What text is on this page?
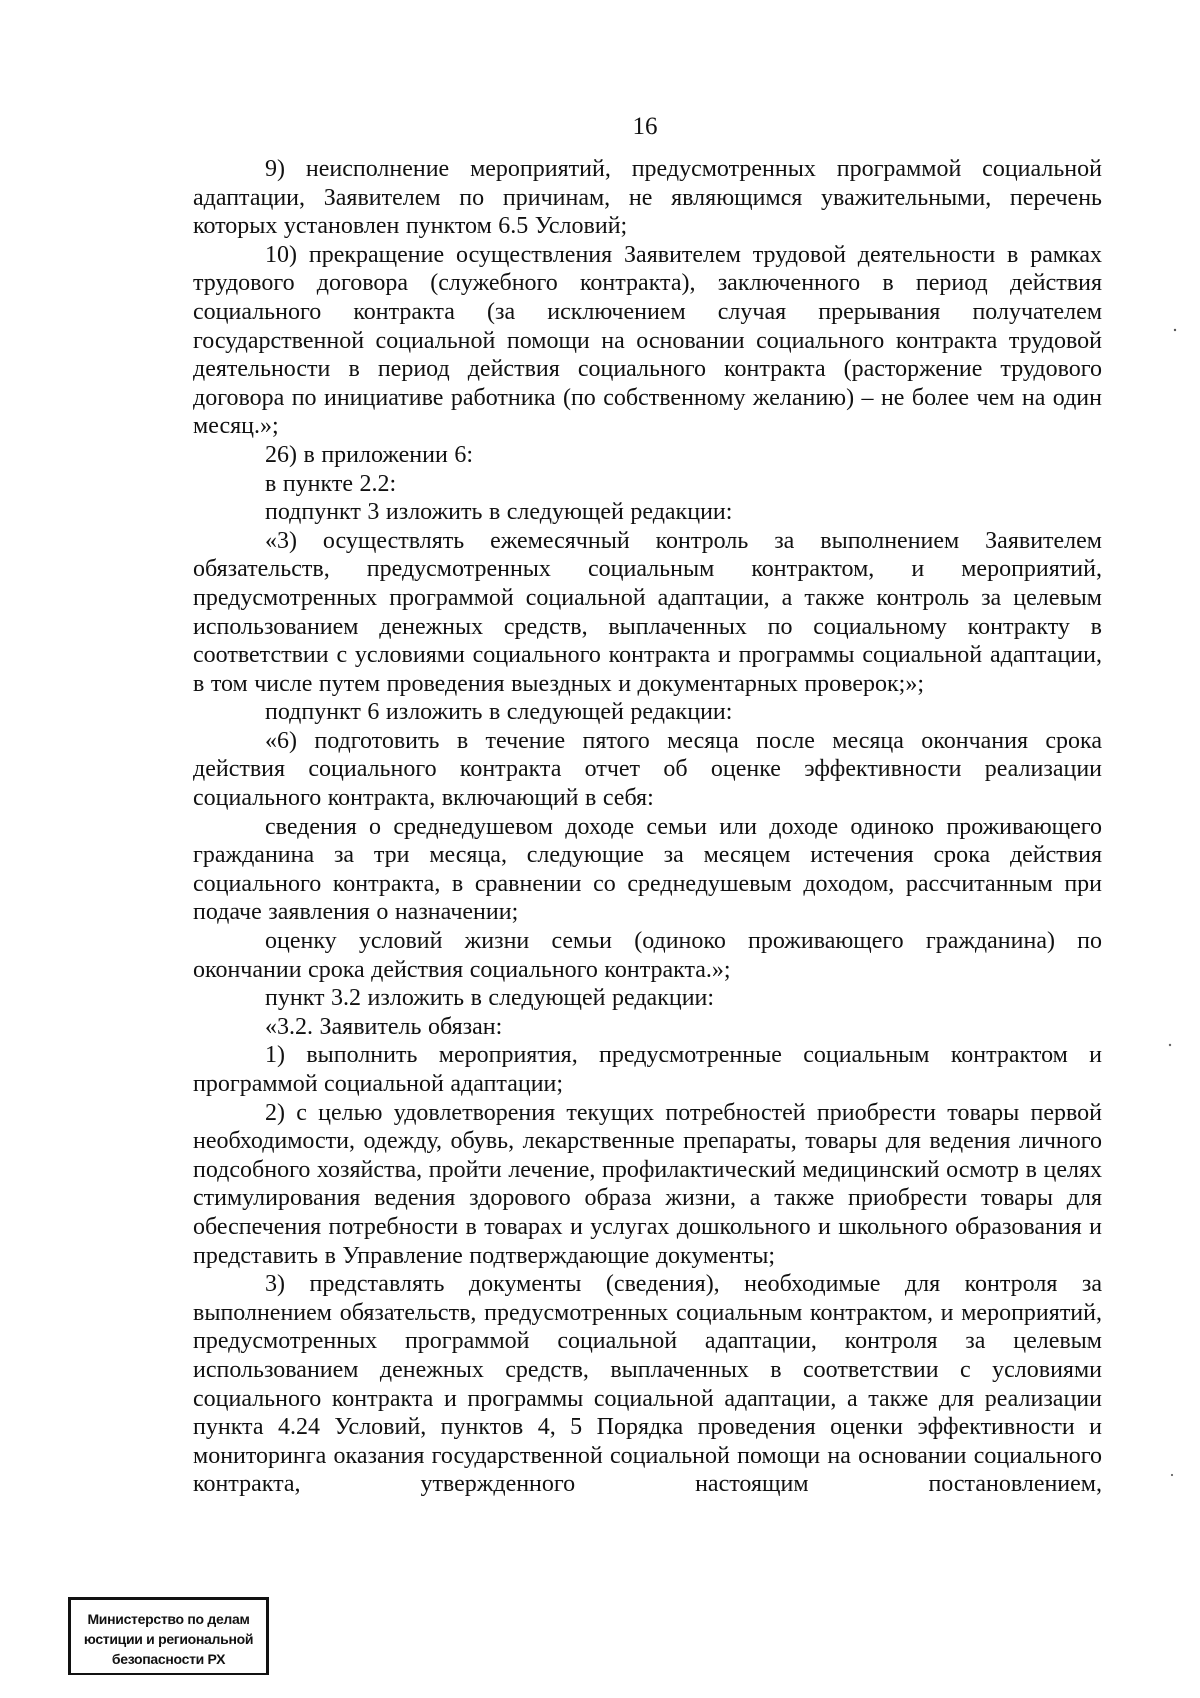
16

9) неисполнение мероприятий, предусмотренных программой социальной адаптации, Заявителем по причинам, не являющимся уважительными, перечень которых установлен пунктом 6.5 Условий;

10) прекращение осуществления Заявителем трудовой деятельности в рамках трудового договора (служебного контракта), заключенного в период действия социального контракта (за исключением случая прерывания получателем государственной социальной помощи на основании социального контракта трудовой деятельности в период действия социального контракта (расторжение трудового договора по инициативе работника (по собственному желанию) – не более чем на один месяц.»;

26) в приложении 6:

в пункте 2.2:

подпункт 3 изложить в следующей редакции:

«3) осуществлять ежемесячный контроль за выполнением Заявителем обязательств, предусмотренных социальным контрактом, и мероприятий, предусмотренных программой социальной адаптации, а также контроль за целевым использованием денежных средств, выплаченных по социальному контракту в соответствии с условиями социального контракта и программы социальной адаптации, в том числе путем проведения выездных и документарных проверок;»;

подпункт 6 изложить в следующей редакции:

«6) подготовить в течение пятого месяца после месяца окончания срока действия социального контракта отчет об оценке эффективности реализации социального контракта, включающий в себя:

сведения о среднедушевом доходе семьи или доходе одиноко проживающего гражданина за три месяца, следующие за месяцем истечения срока действия социального контракта, в сравнении со среднедушевым доходом, рассчитанным при подаче заявления о назначении;

оценку условий жизни семьи (одиноко проживающего гражданина) по окончании срока действия социального контракта.»;

пункт 3.2 изложить в следующей редакции:

«3.2. Заявитель обязан:

1) выполнить мероприятия, предусмотренные социальным контрактом и программой социальной адаптации;

2) с целью удовлетворения текущих потребностей приобрести товары первой необходимости, одежду, обувь, лекарственные препараты, товары для ведения личного подсобного хозяйства, пройти лечение, профилактический медицинский осмотр в целях стимулирования ведения здорового образа жизни, а также приобрести товары для обеспечения потребности в товарах и услугах дошкольного и школьного образования и представить в Управление подтверждающие документы;

3) представлять документы (сведения), необходимые для контроля за выполнением обязательств, предусмотренных социальным контрактом, и мероприятий, предусмотренных программой социальной адаптации, контроля за целевым использованием денежных средств, выплаченных в соответствии с условиями социального контракта и программы социальной адаптации, а также для реализации пункта 4.24 Условий, пунктов 4, 5 Порядка проведения оценки эффективности и мониторинга оказания государственной социальной помощи на основании социального контракта, утвержденного настоящим постановлением,

Министерство по делам
юстиции и региональной
безопасности РХ
